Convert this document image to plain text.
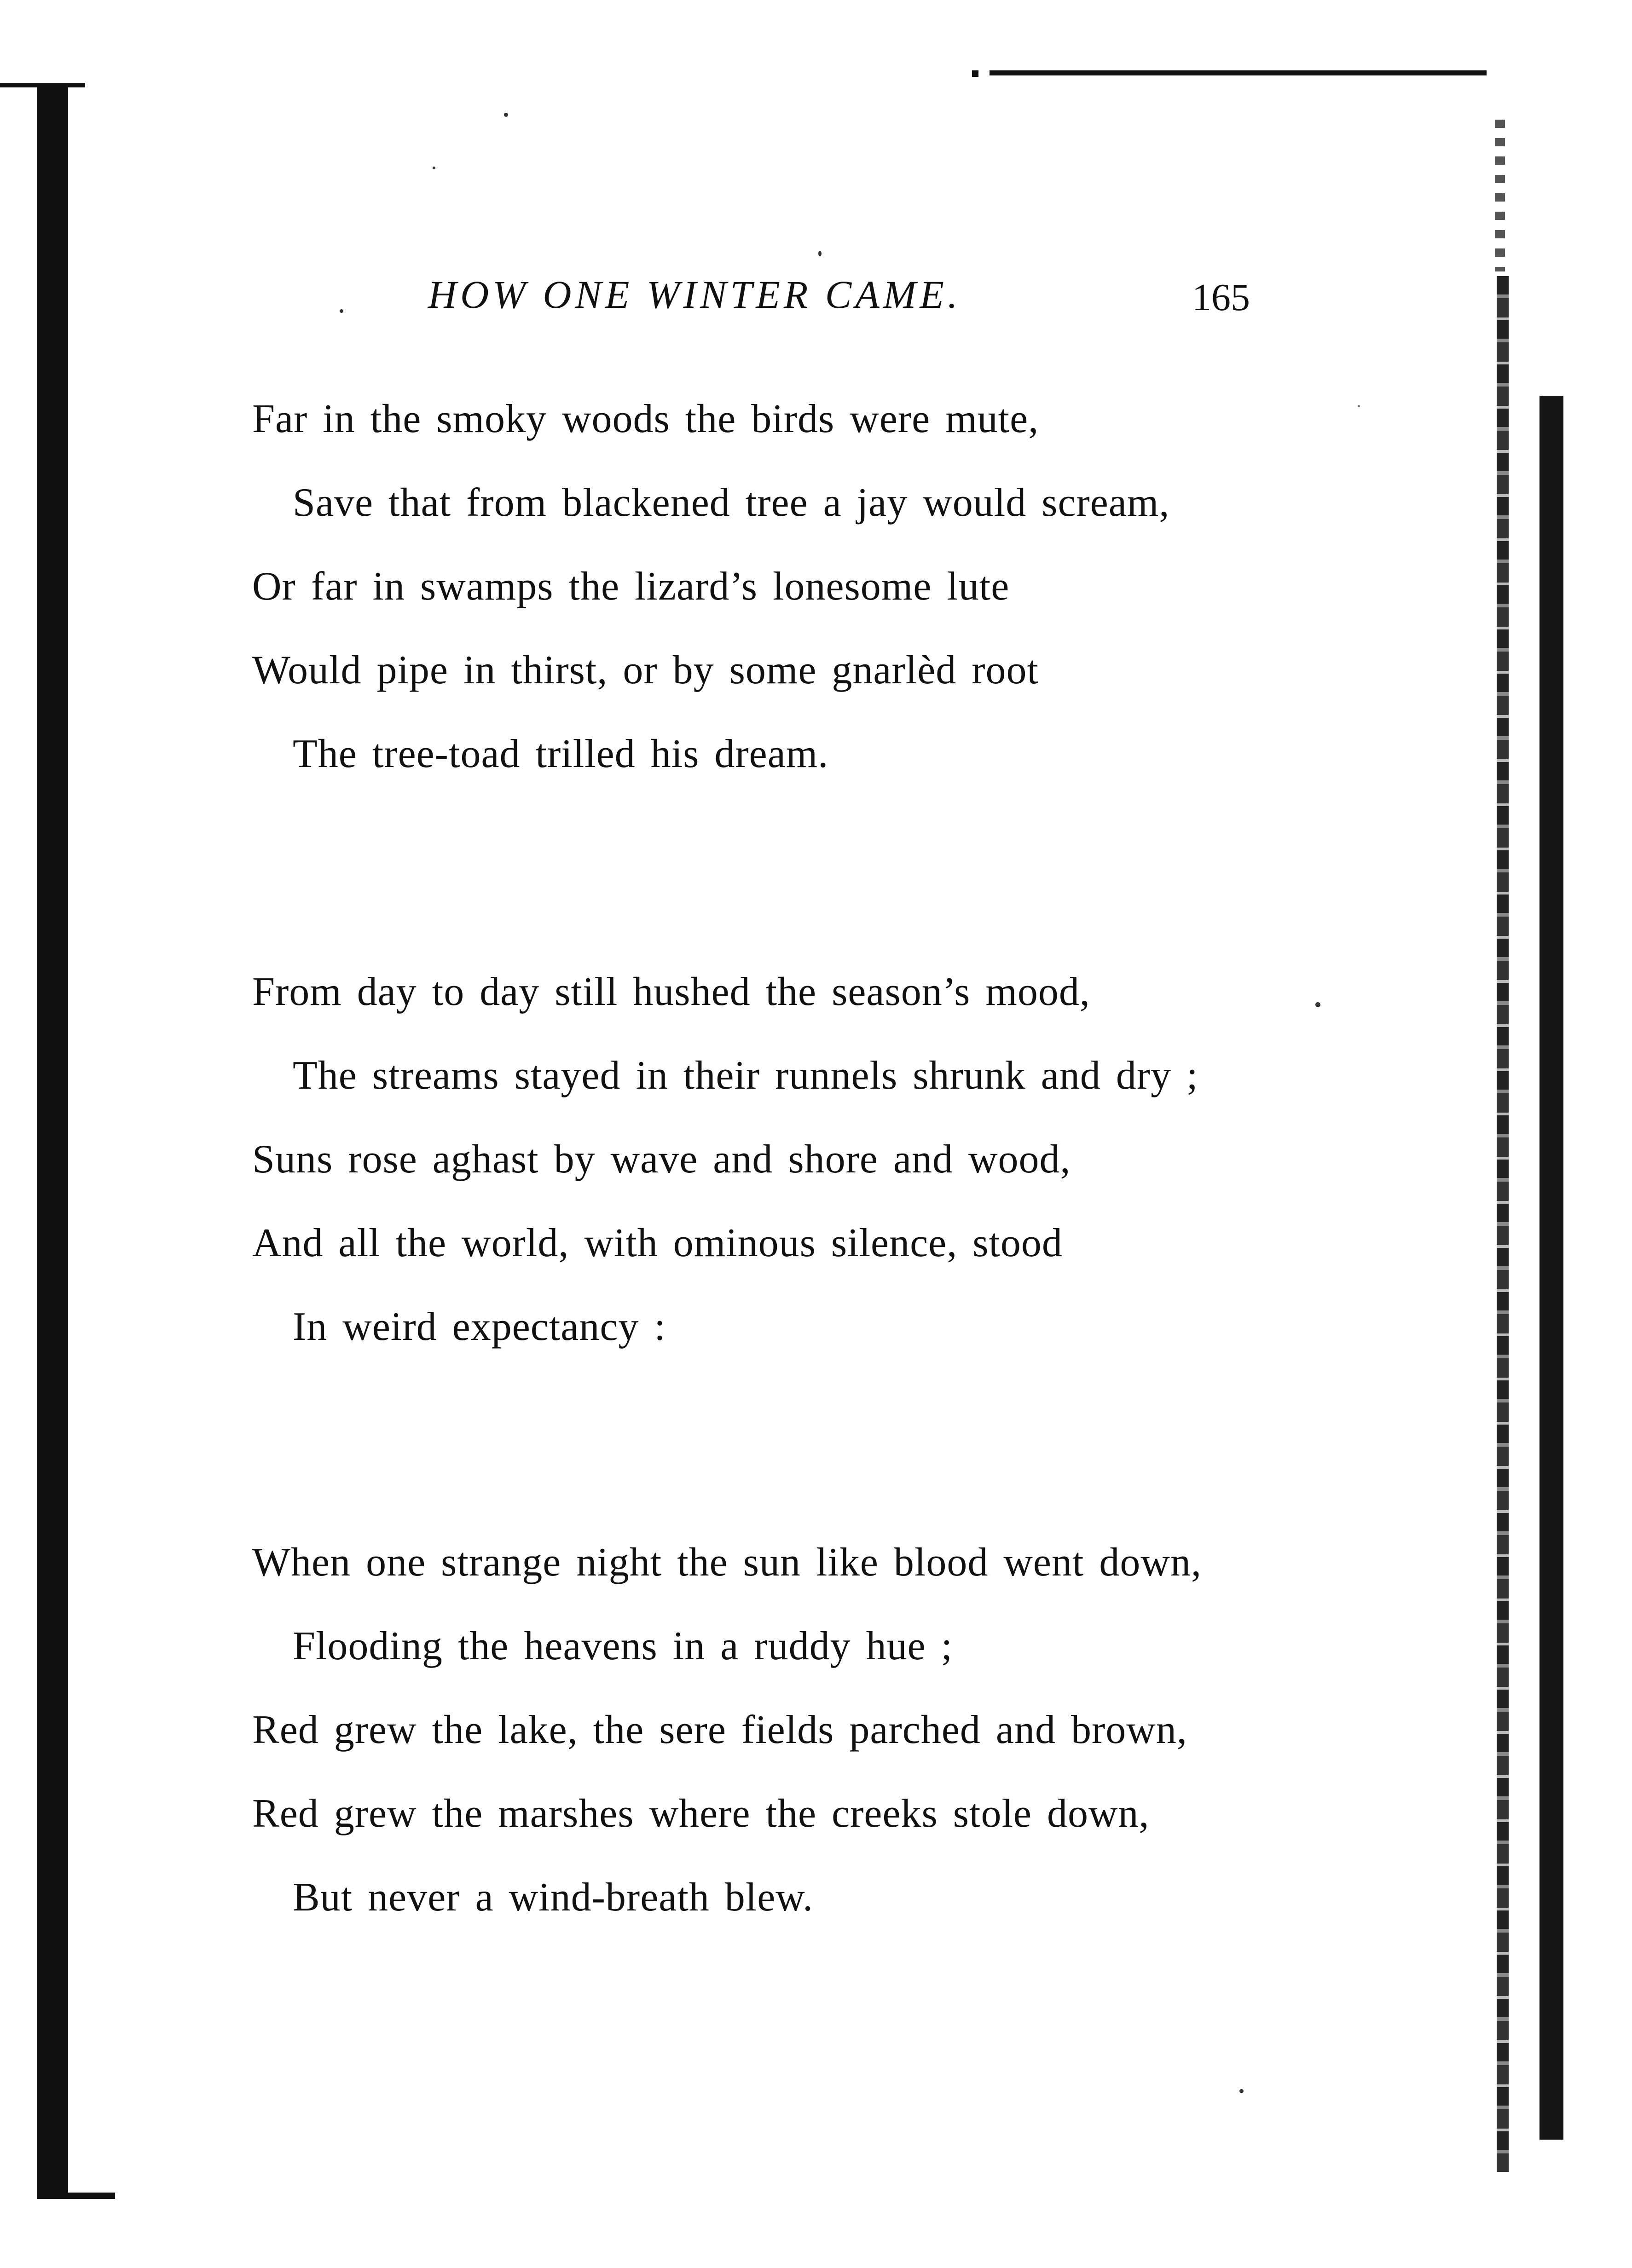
HOW ONE WINTER CAME.	165
Far in the smoky woods the birds were mute,
Save that from blackened tree a jay would scream,
Or far in swamps the lizard’s lonesome lute
Would pipe in thirst, or by some gnarlèd root
The tree-toad trilled his dream.
From day to day still hushed the season’s mood,
The streams stayed in their runnels shrunk and dry ;
Suns rose aghast by wave and shore and wood,
And all the world, with ominous silence, stood
In weird expectancy :
When one strange night the sun like blood went down,
Flooding the heavens in a ruddy hue ;
Red grew the lake, the sere fields parched and brown,
Red grew the marshes where the creeks stole down,
But never a wind-breath blew.
